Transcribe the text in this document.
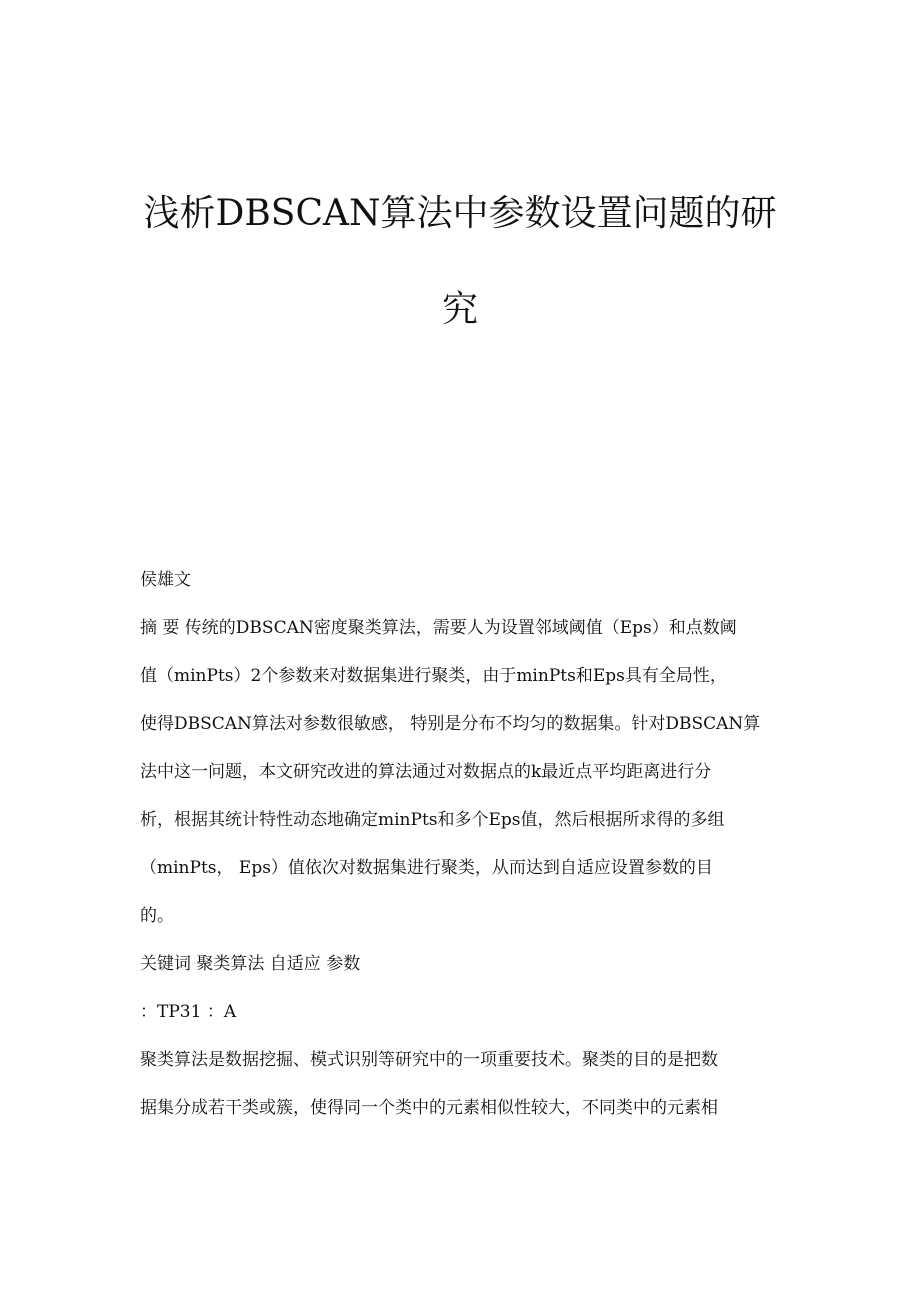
浅析DBSCAN算法中参数设置问题的研
究
侯雄文
摘 要 传统的DBSCAN密度聚类算法，需要人为设置邻域阈值（Eps）和点数阈
值（minPts）2个参数来对数据集进行聚类，由于minPts和Eps具有全局性，
使得DBSCAN算法对参数很敏感， 特别是分布不均匀的数据集。针对DBSCAN算
法中这一问题，本文研究改进的算法通过对数据点的k最近点平均距离进行分
析，根据其统计特性动态地确定minPts和多个Eps值，然后根据所求得的多组
（minPts， Eps）值依次对数据集进行聚类，从而达到自适应设置参数的目
的。
关键词 聚类算法 自适应 参数
：TP31 ：A
聚类算法是数据挖掘、模式识别等研究中的一项重要技术。聚类的目的是把数
据集分成若干类或簇，使得同一个类中的元素相似性较大，不同类中的元素相
